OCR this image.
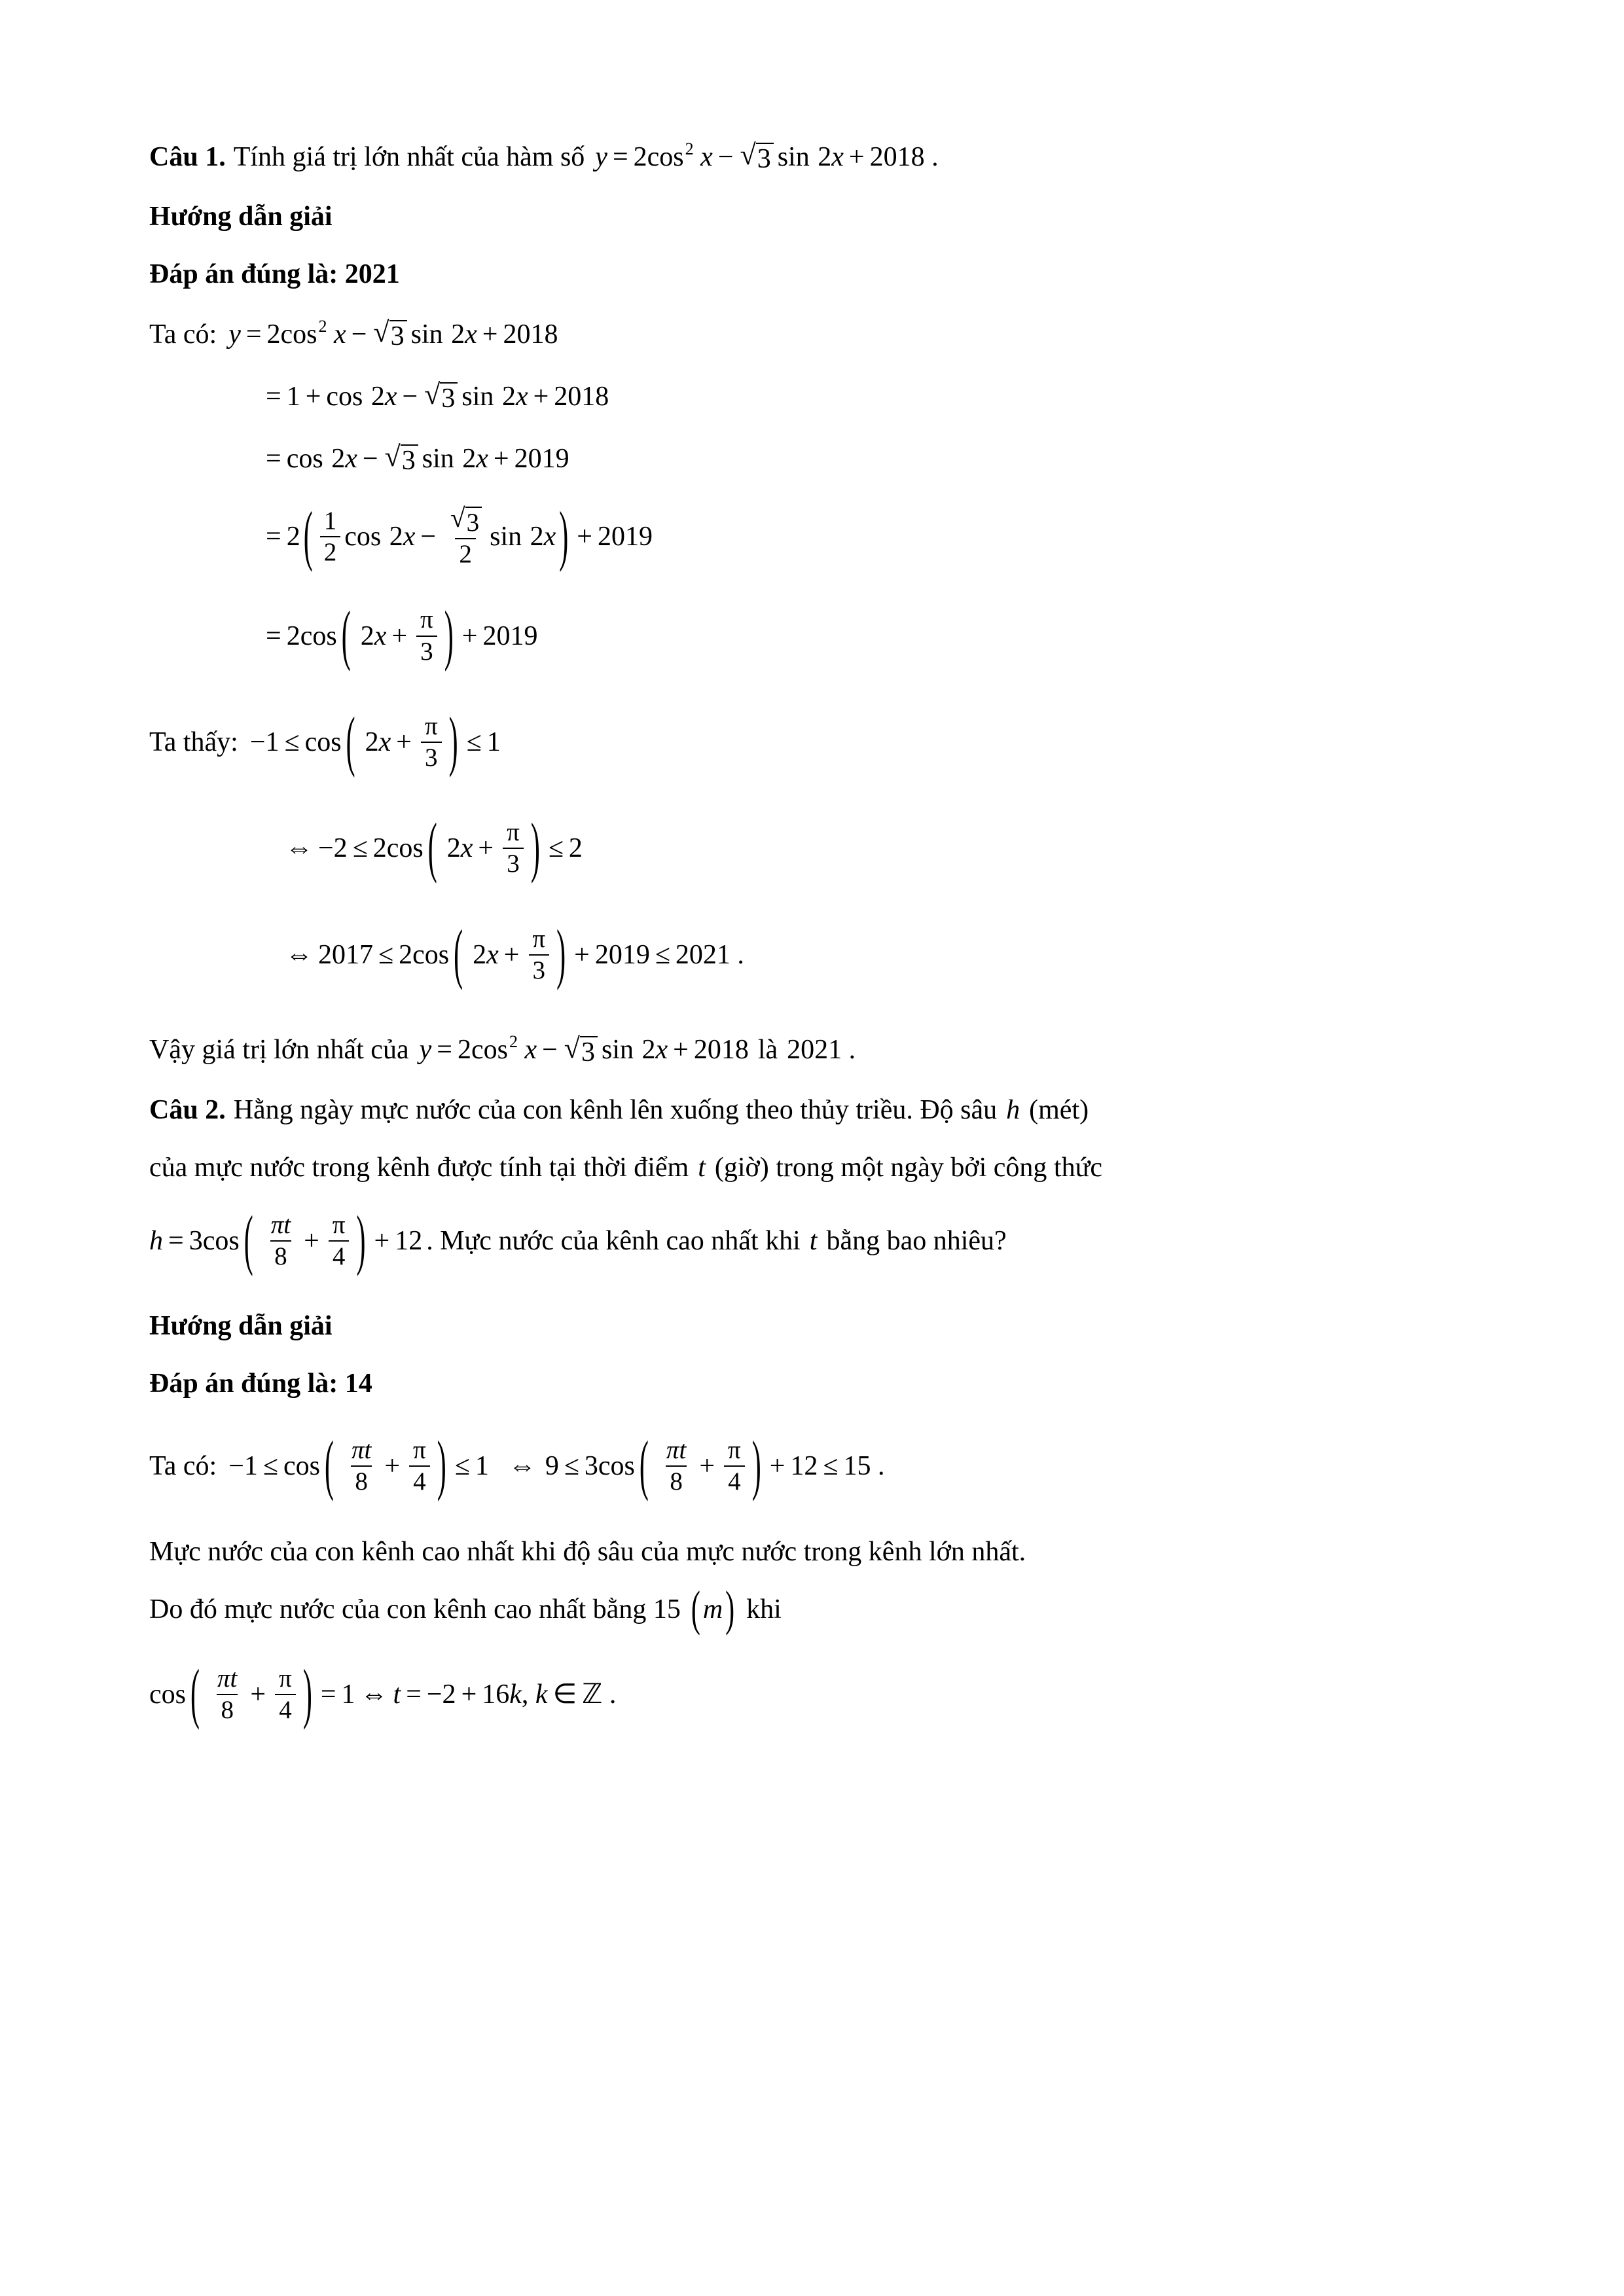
Câu 1. Tính giá trị lớn nhất của hàm số y = 2 cos 2 x − √ 3 sin 2 x + 2018 .
Hướng dẫn giải
Đáp án đúng là: 2021
Ta có: y = 2 cos 2 x − √ 3 sin 2 x + 2018
= 1 + cos 2 x − √ 3 sin 2 x + 2018
= cos 2 x − √ 3 sin 2 x + 2019
= 2 ( $\frac{1}{2}$ cos 2 $x - \frac{√ 3}{2}$ sin 2 x ) + 2019
= 2 cos ( 2 $x + \frac{\pi}{3}$ ) + 2019
Ta thấy: −1 ≤ cos ( 2 $x + \frac{\pi}{3}$ ) ≤ 1
⇔ −2 ≤ 2 cos ( 2 $x + \frac{\pi}{3}$ ) ≤ 2
⇔ 2017 ≤ 2 cos ( 2 $x + \frac{\pi}{3}$ ) + 2019 ≤ 2021 .
Vậy giá trị lớn nhất của y = 2 cos 2 x − √ 3 sin 2 x + 2018 là 2021 .
Câu 2. Hằng ngày mực nước của con kênh lên xuống theo thủy triều. Độ sâu h (mét)
của mực nước trong kênh được tính tại thời điểm t (giờ) trong một ngày bởi công thức
h = 3 cos ( $\frac{\pi t}{8} + \frac{\pi}{4}$ ) + 12 . Mực nước của kênh cao nhất khi t bằng bao nhiêu?
Hướng dẫn giải
Đáp án đúng là: 14
Ta có: −1 ≤ cos ( $\frac{\pi t}{8} + \frac{\pi}{4}$ ) ≤ 1 ⇔ 9 ≤ 3 cos ( $\frac{\pi t}{8} + \frac{\pi}{4}$ ) + 12 ≤ 15 .
Mực nước của con kênh cao nhất khi độ sâu của mực nước trong kênh lớn nhất.
Do đó mực nước của con kênh cao nhất bằng 15 ( m ) khi
cos ( $\frac{\pi t}{8} + \frac{\pi}{4}$ ) = 1 ⇔ t = −2 + 16 k , k ∈ ℤ .
